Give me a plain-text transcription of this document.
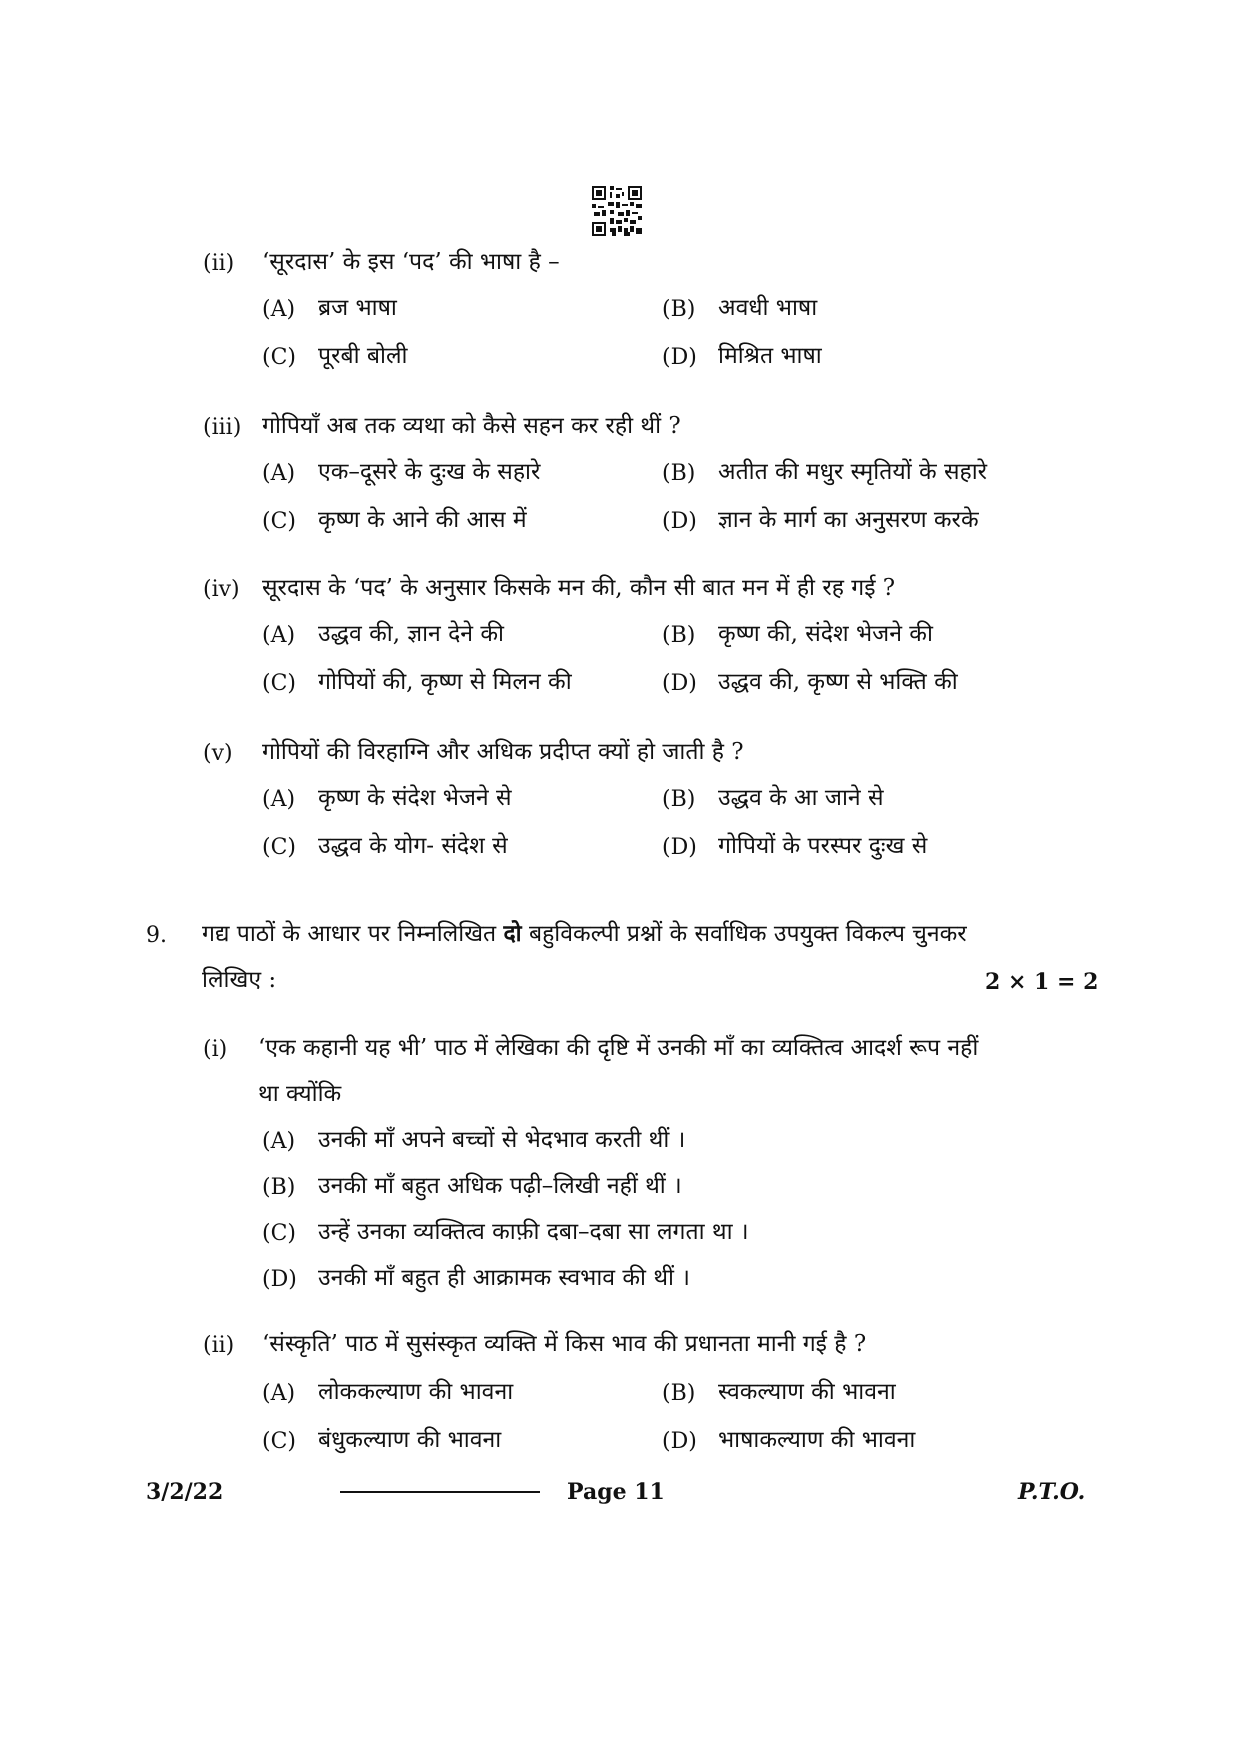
(ii) ‘सूरदास’ के इस ‘पद’ की भाषा है –
(A) ब्रज भाषा	(B) अवधी भाषा
(C) पूरबी बोली	(D) मिश्रित भाषा
(iii) गोपियाँ अब तक व्यथा को कैसे सहन कर रही थीं ?
(A) एक–दूसरे के दुःख के सहारे	(B) अतीत की मधुर स्मृतियों के सहारे
(C) कृष्ण के आने की आस में	(D) ज्ञान के मार्ग का अनुसरण करके
(iv) सूरदास के ‘पद’ के अनुसार किसके मन की, कौन सी बात मन में ही रह गई ?
(A) उद्धव की, ज्ञान देने की	(B) कृष्ण की, संदेश भेजने की
(C) गोपियों की, कृष्ण से मिलन की	(D) उद्धव की, कृष्ण से भक्ति की
(v) गोपियों की विरहाग्नि और अधिक प्रदीप्त क्यों हो जाती है ?
(A) कृष्ण के संदेश भेजने से	(B) उद्धव के आ जाने से
(C) उद्धव के योग- संदेश से	(D) गोपियों के परस्पर दुःख से
9. गद्य पाठों के आधार पर निम्नलिखित दो बहुविकल्पी प्रश्नों के सर्वाधिक उपयुक्त विकल्प चुनकर
लिखिए :	2 × 1 = 2
(i) ‘एक कहानी यह भी’ पाठ में लेखिका की दृष्टि में उनकी माँ का व्यक्तित्व आदर्श रूप नहीं
था क्योंकि
(A) उनकी माँ अपने बच्चों से भेदभाव करती थीं ।
(B) उनकी माँ बहुत अधिक पढ़ी–लिखी नहीं थीं ।
(C) उन्हें उनका व्यक्तित्व काफ़ी दबा–दबा सा लगता था ।
(D) उनकी माँ बहुत ही आक्रामक स्वभाव की थीं ।
(ii) ‘संस्कृति’ पाठ में सुसंस्कृत व्यक्ति में किस भाव की प्रधानता मानी गई है ?
(A) लोककल्याण की भावना	(B) स्वकल्याण की भावना
(C) बंधुकल्याण की भावना	(D) भाषाकल्याण की भावना
3/2/22	Page 11	P.T.O.
